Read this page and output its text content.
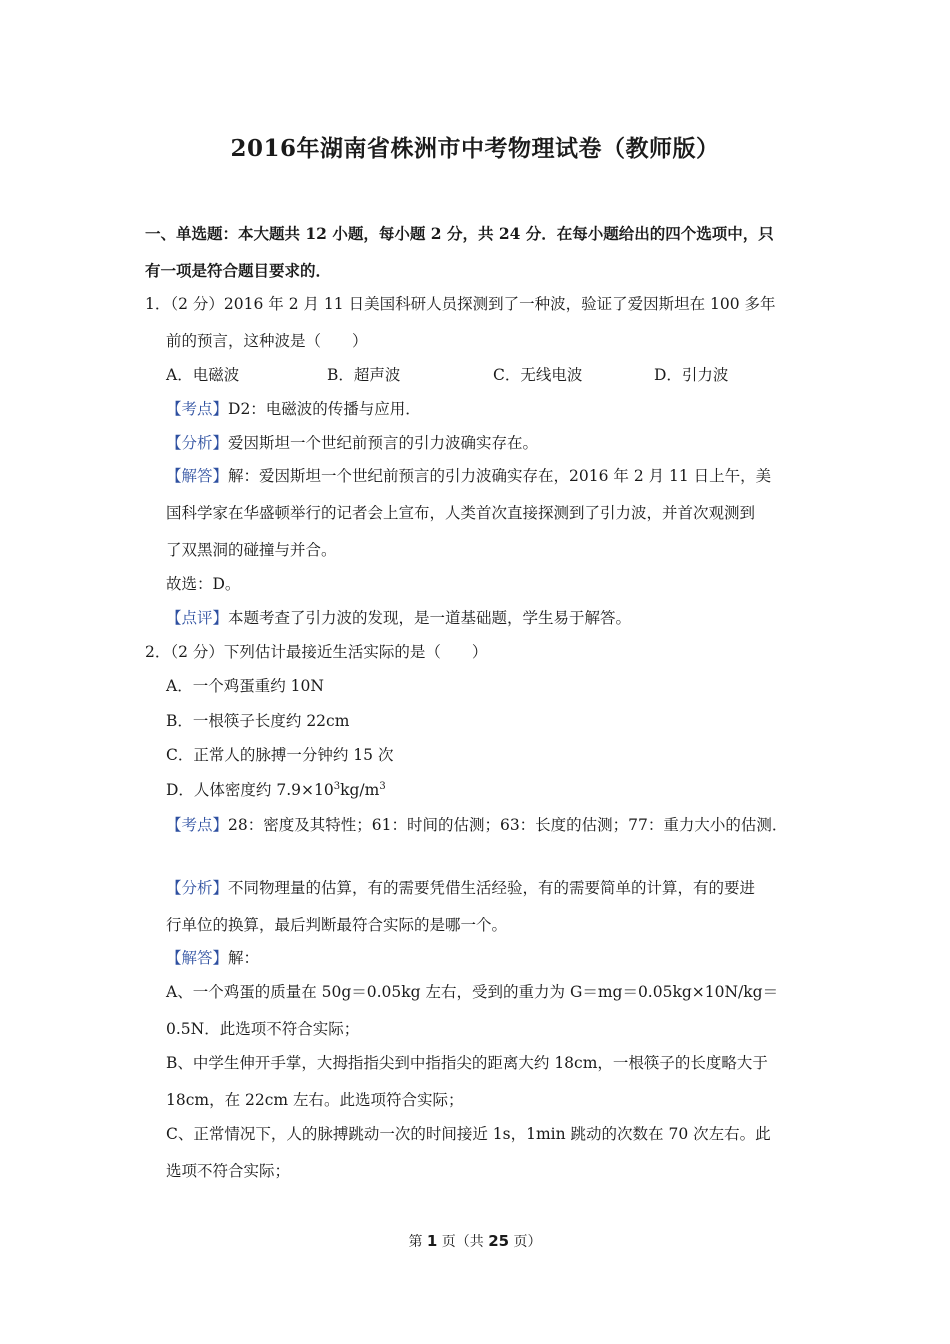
2016年湖南省株洲市中考物理试卷（教师版）
一、单选题：本大题共 12 小题，每小题 2 分，共 24 分．在每小题给出的四个选项中，只
有一项是符合题目要求的．
1．（2 分）2016 年 2 月 11 日美国科研人员探测到了一种波，验证了爱因斯坦在 100 多年
前的预言，这种波是（　　）
A．电磁波	B．超声波	C．无线电波	D．引力波
【考点】D2：电磁波的传播与应用．
【分析】爱因斯坦一个世纪前预言的引力波确实存在。
【解答】解：爱因斯坦一个世纪前预言的引力波确实存在，2016 年 2 月 11 日上午，美
国科学家在华盛顿举行的记者会上宣布，人类首次直接探测到了引力波，并首次观测到
了双黑洞的碰撞与并合。
故选：D。
【点评】本题考查了引力波的发现，是一道基础题，学生易于解答。
2．（2 分）下列估计最接近生活实际的是（　　）
A．一个鸡蛋重约 10N
B．一根筷子长度约 22cm
C．正常人的脉搏一分钟约 15 次
D．人体密度约 $7.9\times 10^3kg/m^3$
【考点】28：密度及其特性；61：时间的估测；63：长度的估测；77：重力大小的估测．
【分析】不同物理量的估算，有的需要凭借生活经验，有的需要简单的计算，有的要进
行单位的换算，最后判断最符合实际的是哪一个。
【解答】解：
A、一个鸡蛋的质量在 50g＝0.05kg 左右，受到的重力为 G＝mg＝0.05kg×10N/kg＝
0.5N．此选项不符合实际；
B、中学生伸开手掌，大拇指指尖到中指指尖的距离大约 18cm，一根筷子的长度略大于
18cm，在 22cm 左右。此选项符合实际；
C、正常情况下，人的脉搏跳动一次的时间接近 1s，1min 跳动的次数在 70 次左右。此
选项不符合实际；
第 1 页（共 25 页）
